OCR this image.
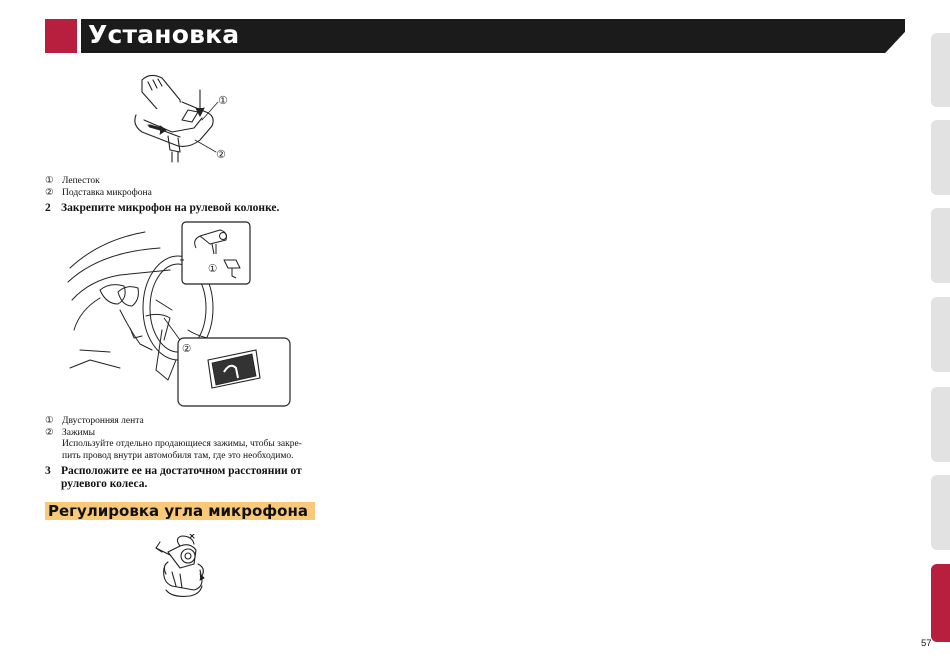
Установка
①
②
① Лепесток
② Подставка микрофона
2 Закрепите микрофон на рулевой колонке.
①
②
① Двусторонняя лента
② Зажимы
Используйте отдельно продающиеся зажимы, чтобы закре-
пить провод внутри автомобиля там, где это необходимо.
3 Расположите ее на достаточном расстоянии от
рулевого колеса.
Регулировка угла микрофона
57
